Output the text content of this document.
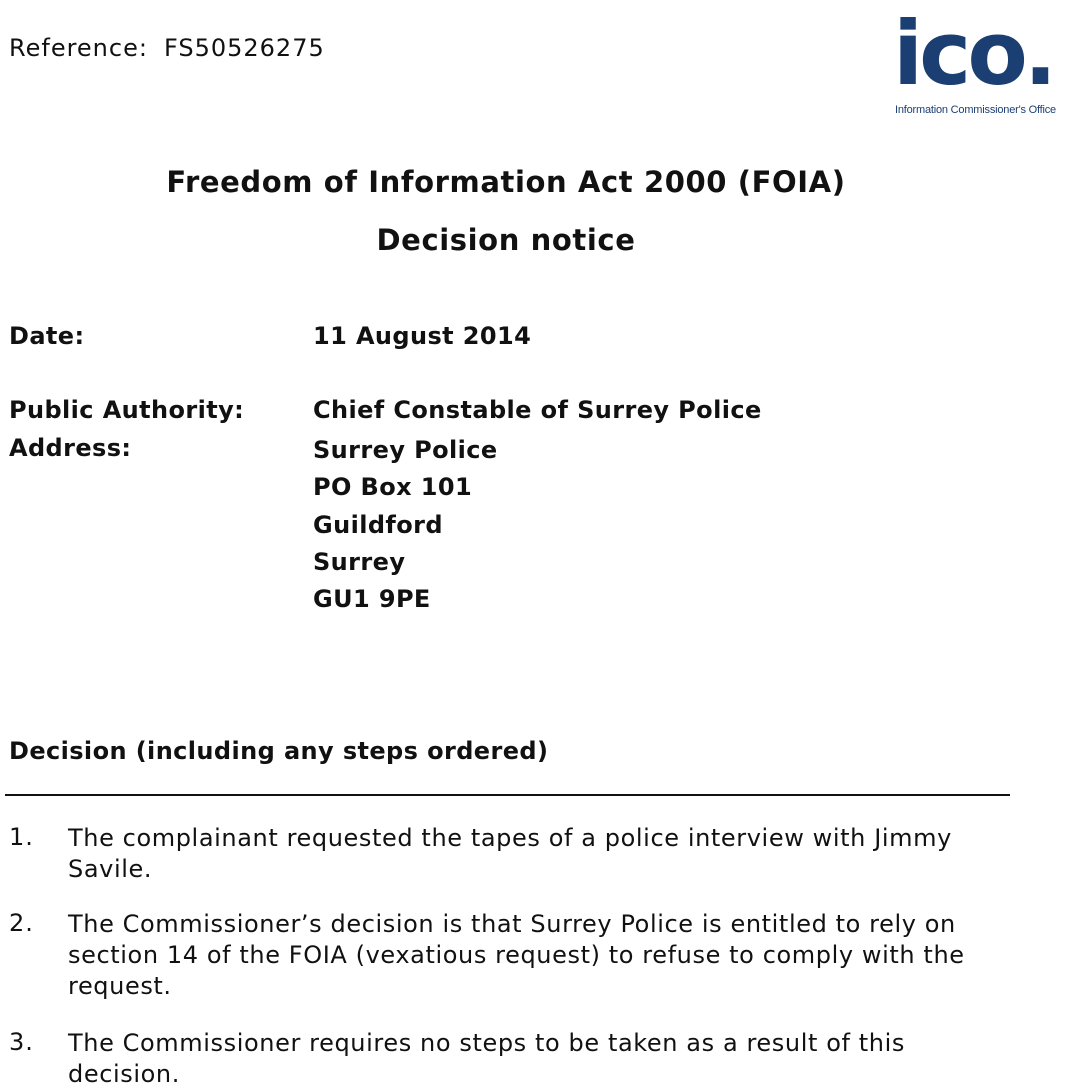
Reference: FS50526275	ico.
Information Commissioner's Office
Freedom of Information Act 2000 (FOIA)
Decision notice
Date:	11 August 2014
Public Authority:	Chief Constable of Surrey Police
Address:	Surrey Police
PO Box 101
Guildford
Surrey
GU1 9PE
Decision (including any steps ordered)
1. The complainant requested the tapes of a police interview with Jimmy Savile.
2. The Commissioner’s decision is that Surrey Police is entitled to rely on section 14 of the FOIA (vexatious request) to refuse to comply with the request.
3. The Commissioner requires no steps to be taken as a result of this decision.
